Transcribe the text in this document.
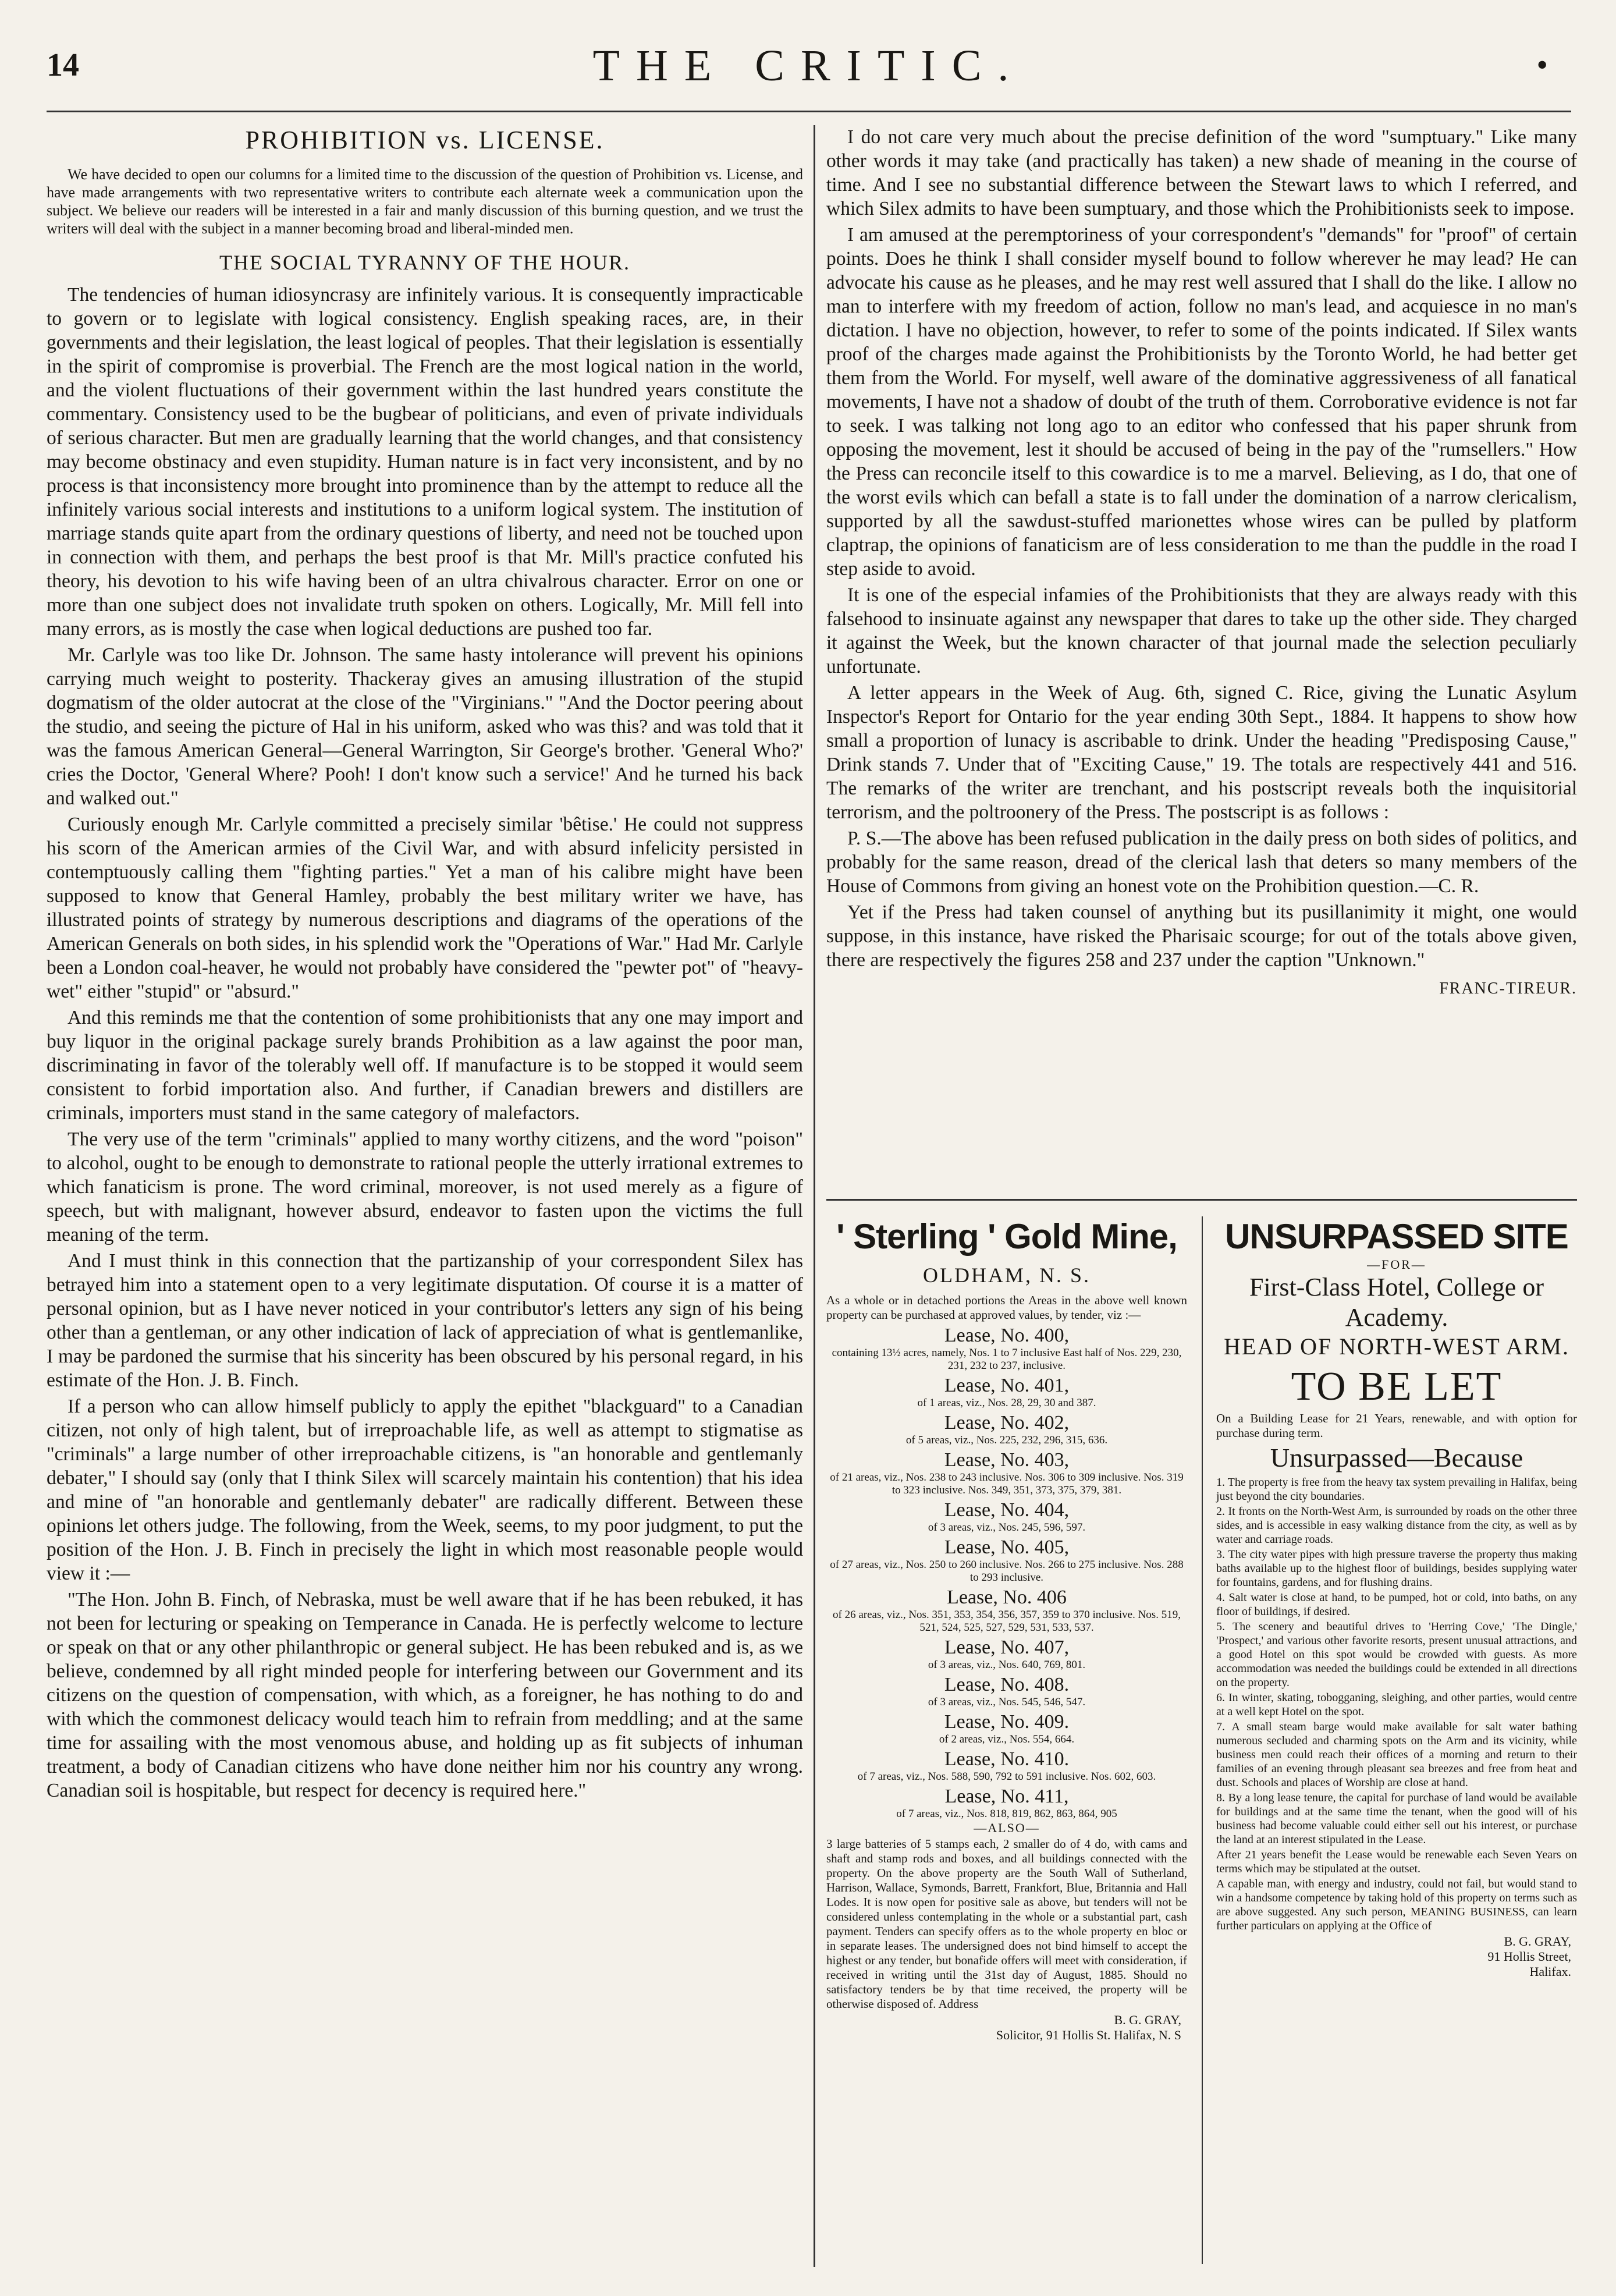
14	THE CRITIC.	•
PROHIBITION vs. LICENSE.

We have decided to open our columns for a limited time to the discussion of the question of Prohibition vs. License, and have made arrangements with two representative writers to contribute each alternate week a communication upon the subject. We believe our readers will be interested in a fair and manly discussion of this burning question, and we trust the writers will deal with the subject in a manner becoming broad and liberal-minded men.

THE SOCIAL TYRANNY OF THE HOUR.

The tendencies of human idiosyncrasy are infinitely various. It is consequently impracticable to govern or to legislate with logical consistency. English speaking races, are, in their governments and their legislation, the least logical of peoples. That their legislation is essentially in the spirit of compromise is proverbial. The French are the most logical nation in the world, and the violent fluctuations of their government within the last hundred years constitute the commentary. Consistency used to be the bugbear of politicians, and even of private individuals of serious character. But men are gradually learning that the world changes, and that consistency may become obstinacy and even stupidity. Human nature is in fact very inconsistent, and by no process is that inconsistency more brought into prominence than by the attempt to reduce all the infinitely various social interests and institutions to a uniform logical system. The institution of marriage stands quite apart from the ordinary questions of liberty, and need not be touched upon in connection with them, and perhaps the best proof is that Mr. Mill's practice confuted his theory, his devotion to his wife having been of an ultra chivalrous character. Error on one or more than one subject does not invalidate truth spoken on others. Logically, Mr. Mill fell into many errors, as is mostly the case when logical deductions are pushed too far.

Mr. Carlyle was too like Dr. Johnson. The same hasty intolerance will prevent his opinions carrying much weight to posterity. Thackeray gives an amusing illustration of the stupid dogmatism of the older autocrat at the close of the "Virginians." "And the Doctor peering about the studio, and seeing the picture of Hal in his uniform, asked who was this? and was told that it was the famous American General—General Warrington, Sir George's brother. 'General Who?' cries the Doctor, 'General Where? Pooh! I don't know such a service!' And he turned his back and walked out."

Curiously enough Mr. Carlyle committed a precisely similar 'bêtise.' He could not suppress his scorn of the American armies of the Civil War, and with absurd infelicity persisted in contemptuously calling them "fighting parties." Yet a man of his calibre might have been supposed to know that General Hamley, probably the best military writer we have, has illustrated points of strategy by numerous descriptions and diagrams of the operations of the American Generals on both sides, in his splendid work the "Operations of War." Had Mr. Carlyle been a London coal-heaver, he would not probably have considered the "pewter pot" of "heavy-wet" either "stupid" or "absurd."

And this reminds me that the contention of some prohibitionists that any one may import and buy liquor in the original package surely brands Prohibition as a law against the poor man, discriminating in favor of the tolerably well off. If manufacture is to be stopped it would seem consistent to forbid importation also. And further, if Canadian brewers and distillers are criminals, importers must stand in the same category of malefactors.

The very use of the term "criminals" applied to many worthy citizens, and the word "poison" to alcohol, ought to be enough to demonstrate to rational people the utterly irrational extremes to which fanaticism is prone. The word criminal, moreover, is not used merely as a figure of speech, but with malignant, however absurd, endeavor to fasten upon the victims the full meaning of the term.

And I must think in this connection that the partizanship of your correspondent Silex has betrayed him into a statement open to a very legitimate disputation. Of course it is a matter of personal opinion, but as I have never noticed in your contributor's letters any sign of his being other than a gentleman, or any other indication of lack of appreciation of what is gentlemanlike, I may be pardoned the surmise that his sincerity has been obscured by his personal regard, in his estimate of the Hon. J. B. Finch.

If a person who can allow himself publicly to apply the epithet "blackguard" to a Canadian citizen, not only of high talent, but of irreproachable life, as well as attempt to stigmatise as "criminals" a large number of other irreproachable citizens, is "an honorable and gentlemanly debater," I should say (only that I think Silex will scarcely maintain his contention) that his idea and mine of "an honorable and gentlemanly debater" are radically different. Between these opinions let others judge. The following, from the Week, seems, to my poor judgment, to put the position of the Hon. J. B. Finch in precisely the light in which most reasonable people would view it :—

"The Hon. John B. Finch, of Nebraska, must be well aware that if he has been rebuked, it has not been for lecturing or speaking on Temperance in Canada. He is perfectly welcome to lecture or speak on that or any other philanthropic or general subject. He has been rebuked and is, as we believe, condemned by all right minded people for interfering between our Government and its citizens on the question of compensation, with which, as a foreigner, he has nothing to do and with which the commonest delicacy would teach him to refrain from meddling; and at the same time for assailing with the most venomous abuse, and holding up as fit subjects of inhuman treatment, a body of Canadian citizens who have done neither him nor his country any wrong. Canadian soil is hospitable, but respect for decency is required here."

I do not care very much about the precise definition of the word "sumptuary." Like many other words it may take (and practically has taken) a new shade of meaning in the course of time. And I see no substantial difference between the Stewart laws to which I referred, and which Silex admits to have been sumptuary, and those which the Prohibitionists seek to impose.

I am amused at the peremptoriness of your correspondent's "demands" for "proof" of certain points. Does he think I shall consider myself bound to follow wherever he may lead? He can advocate his cause as he pleases, and he may rest well assured that I shall do the like. I allow no man to interfere with my freedom of action, follow no man's lead, and acquiesce in no man's dictation. I have no objection, however, to refer to some of the points indicated. If Silex wants proof of the charges made against the Prohibitionists by the Toronto World, he had better get them from the World. For myself, well aware of the dominative aggressiveness of all fanatical movements, I have not a shadow of doubt of the truth of them. Corroborative evidence is not far to seek. I was talking not long ago to an editor who confessed that his paper shrunk from opposing the movement, lest it should be accused of being in the pay of the "rumsellers." How the Press can reconcile itself to this cowardice is to me a marvel. Believing, as I do, that one of the worst evils which can befall a state is to fall under the domination of a narrow clericalism, supported by all the sawdust-stuffed marionettes whose wires can be pulled by platform claptrap, the opinions of fanaticism are of less consideration to me than the puddle in the road I step aside to avoid.

It is one of the especial infamies of the Prohibitionists that they are always ready with this falsehood to insinuate against any newspaper that dares to take up the other side. They charged it against the Week, but the known character of that journal made the selection peculiarly unfortunate.

A letter appears in the Week of Aug. 6th, signed C. Rice, giving the Lunatic Asylum Inspector's Report for Ontario for the year ending 30th Sept., 1884. It happens to show how small a proportion of lunacy is ascribable to drink. Under the heading "Predisposing Cause," Drink stands 7. Under that of "Exciting Cause," 19. The totals are respectively 441 and 516. The remarks of the writer are trenchant, and his postscript reveals both the inquisitorial terrorism, and the poltroonery of the Press. The postscript is as follows :

P. S.—The above has been refused publication in the daily press on both sides of politics, and probably for the same reason, dread of the clerical lash that deters so many members of the House of Commons from giving an honest vote on the Prohibition question.—C. R.

Yet if the Press had taken counsel of anything but its pusillanimity it might, one would suppose, in this instance, have risked the Pharisaic scourge; for out of the totals above given, there are respectively the figures 258 and 237 under the caption "Unknown."

FRANC-TIREUR.

' Sterling ' Gold Mine,
OLDHAM, N. S.
As a whole or in detached portions the Areas in the above well known property can be purchased at approved values, by tender, viz :—
Lease, No. 400,
containing 13½ acres, namely, Nos. 1 to 7 inclusive East half of Nos. 229, 230, 231, 232 to 237, inclusive.
Lease, No. 401,
of 1 areas, viz., Nos. 28, 29, 30 and 387.
Lease, No. 402,
of 5 areas, viz., Nos. 225, 232, 296, 315, 636.
Lease, No. 403,
of 21 areas, viz., Nos. 238 to 243 inclusive. Nos. 306 to 309 inclusive. Nos. 319 to 323 inclusive. Nos. 349, 351, 373, 375, 379, 381.
Lease, No. 404,
of 3 areas, viz., Nos. 245, 596, 597.
Lease, No. 405,
of 27 areas, viz., Nos. 250 to 260 inclusive. Nos. 266 to 275 inclusive. Nos. 288 to 293 inclusive.
Lease, No. 406
of 26 areas, viz., Nos. 351, 353, 354, 356, 357, 359 to 370 inclusive. Nos. 519, 521, 524, 525, 527, 529, 531, 533, 537.
Lease, No. 407,
of 3 areas, viz., Nos. 640, 769, 801.
Lease, No. 408.
of 3 areas, viz., Nos. 545, 546, 547.
Lease, No. 409.
of 2 areas, viz., Nos. 554, 664.
Lease, No. 410.
of 7 areas, viz., Nos. 588, 590, 792 to 591 inclusive. Nos. 602, 603.
Lease, No. 411,
of 7 areas, viz., Nos. 818, 819, 862, 863, 864, 905
—ALSO—
3 large batteries of 5 stamps each, 2 smaller do of 4 do, with cams and shaft and stamp rods and boxes, and all buildings connected with the property. On the above property are the South Wall of Sutherland, Harrison, Wallace, Symonds, Barrett, Frankfort, Blue, Britannia and Hall Lodes. It is now open for positive sale as above, but tenders will not be considered unless contemplating in the whole or a substantial part, cash payment. Tenders can specify offers as to the whole property en bloc or in separate leases. The undersigned does not bind himself to accept the highest or any tender, but bonafide offers will meet with consideration, if received in writing until the 31st day of August, 1885. Should no satisfactory tenders be by that time received, the property will be otherwise disposed of. Address
B. G. GRAY,
Solicitor, 91 Hollis St. Halifax, N. S
UNSURPASSED SITE
—FOR—
First-Class Hotel, College or Academy.
HEAD OF NORTH-WEST ARM.
TO BE LET
On a Building Lease for 21 Years, renewable, and with option for purchase during term.
Unsurpassed—Because
1. The property is free from the heavy tax system prevailing in Halifax, being just beyond the city boundaries.
2. It fronts on the North-West Arm, is surrounded by roads on the other three sides, and is accessible in easy walking distance from the city, as well as by water and carriage roads.
3. The city water pipes with high pressure traverse the property thus making baths available up to the highest floor of buildings, besides supplying water for fountains, gardens, and for flushing drains.
4. Salt water is close at hand, to be pumped, hot or cold, into baths, on any floor of buildings, if desired.
5. The scenery and beautiful drives to 'Herring Cove,' 'The Dingle,' 'Prospect,' and various other favorite resorts, present unusual attractions, and a good Hotel on this spot would be crowded with guests. As more accommodation was needed the buildings could be extended in all directions on the property.
6. In winter, skating, tobogganing, sleighing, and other parties, would centre at a well kept Hotel on the spot.
7. A small steam barge would make available for salt water bathing numerous secluded and charming spots on the Arm and its vicinity, while business men could reach their offices of a morning and return to their families of an evening through pleasant sea breezes and free from heat and dust. Schools and places of Worship are close at hand.
8. By a long lease tenure, the capital for purchase of land would be available for buildings and at the same time the tenant, when the good will of his business had become valuable could either sell out his interest, or purchase the land at an interest stipulated in the Lease.
After 21 years benefit the Lease would be renewable each Seven Years on terms which may be stipulated at the outset.
A capable man, with energy and industry, could not fail, but would stand to win a handsome competence by taking hold of this property on terms such as are above suggested. Any such person, MEANING BUSINESS, can learn further particulars on applying at the Office of
B. G. GRAY,
91 Hollis Street,
Halifax.
